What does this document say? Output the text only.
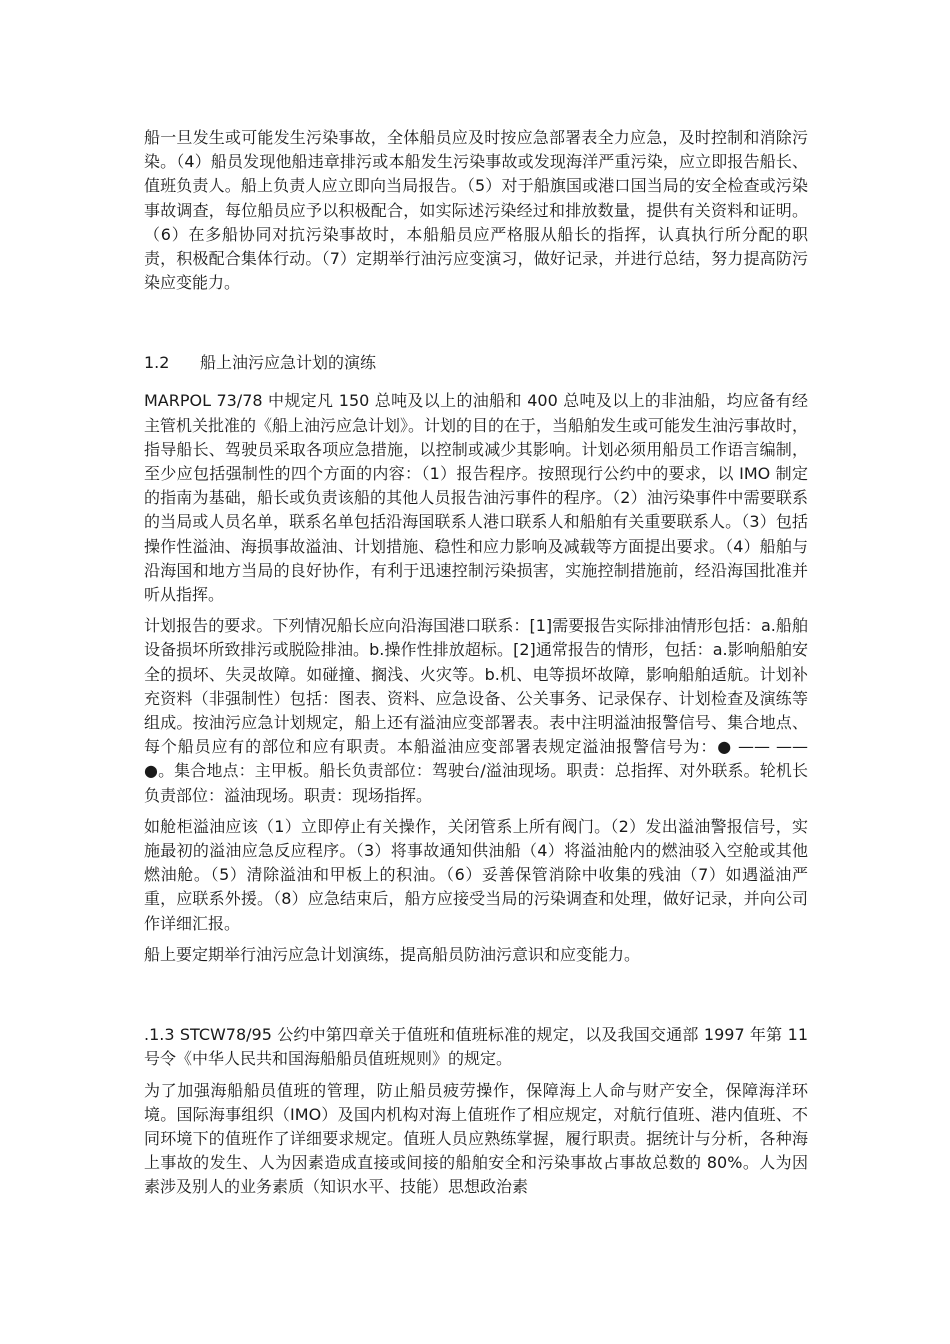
船一旦发生或可能发生污染事故，全体船员应及时按应急部署表全力应急，及时控制和消除污染。（4）船员发现他船违章排污或本船发生污染事故或发现海洋严重污染，应立即报告船长、值班负责人。船上负责人应立即向当局报告。（5）对于船旗国或港口国当局的安全检查或污染事故调查，每位船员应予以积极配合，如实际述污染经过和排放数量，提供有关资料和证明。（6）在多船协同对抗污染事故时，本船船员应严格服从船长的指挥，认真执行所分配的职责，积极配合集体行动。（7）定期举行油污应变演习，做好记录，并进行总结，努力提高防污染应变能力。

1.2	船上油污应急计划的演练

MARPOL 73/78 中规定凡 150 总吨及以上的油船和 400 总吨及以上的非油船，均应备有经主管机关批准的《船上油污应急计划》。计划的目的在于，当船舶发生或可能发生油污事故时，指导船长、驾驶员采取各项应急措施，以控制或减少其影响。计划必须用船员工作语言编制，至少应包括强制性的四个方面的内容：（1）报告程序。按照现行公约中的要求，以 IMO 制定的指南为基础，船长或负责该船的其他人员报告油污事件的程序。（2）油污染事件中需要联系的当局或人员名单，联系名单包括沿海国联系人港口联系人和船舶有关重要联系人。（3）包括操作性溢油、海损事故溢油、计划措施、稳性和应力影响及减载等方面提出要求。（4）船舶与沿海国和地方当局的良好协作，有利于迅速控制污染损害，实施控制措施前，经沿海国批准并听从指挥。

计划报告的要求。下列情况船长应向沿海国港口联系：[1]需要报告实际排油情形包括：a.船舶设备损坏所致排污或脱险排油。b.操作性排放超标。[2]通常报告的情形，包括：a.影响船舶安全的损坏、失灵故障。如碰撞、搁浅、火灾等。b.机、电等损坏故障，影响船舶适航。计划补充资料（非强制性）包括：图表、资料、应急设备、公关事务、记录保存、计划检查及演练等组成。按油污应急计划规定，船上还有溢油应变部署表。表中注明溢油报警信号、集合地点、每个船员应有的部位和应有职责。本船溢油应变部署表规定溢油报警信号为：● —— —— ●。集合地点：主甲板。船长负责部位：驾驶台/溢油现场。职责：总指挥、对外联系。轮机长负责部位：溢油现场。职责：现场指挥。

如舱柜溢油应该（1）立即停止有关操作，关闭管系上所有阀门。（2）发出溢油警报信号，实施最初的溢油应急反应程序。（3）将事故通知供油船（4）将溢油舱内的燃油驳入空舱或其他燃油舱。（5）清除溢油和甲板上的积油。（6）妥善保管消除中收集的残油（7）如遇溢油严重，应联系外援。（8）应急结束后，船方应接受当局的污染调查和处理，做好记录，并向公司作详细汇报。

船上要定期举行油污应急计划演练，提高船员防油污意识和应变能力。

.1.3 STCW78/95 公约中第四章关于值班和值班标准的规定，以及我国交通部 1997 年第 11 号令《中华人民共和国海船船员值班规则》的规定。

为了加强海船船员值班的管理，防止船员疲劳操作，保障海上人命与财产安全，保障海洋环境。国际海事组织（IMO）及国内机构对海上值班作了相应规定，对航行值班、港内值班、不同环境下的值班作了详细要求规定。值班人员应熟练掌握，履行职责。据统计与分析，各种海上事故的发生、人为因素造成直接或间接的船舶安全和污染事故占事故总数的 80%。人为因素涉及别人的业务素质（知识水平、技能）思想政治素
